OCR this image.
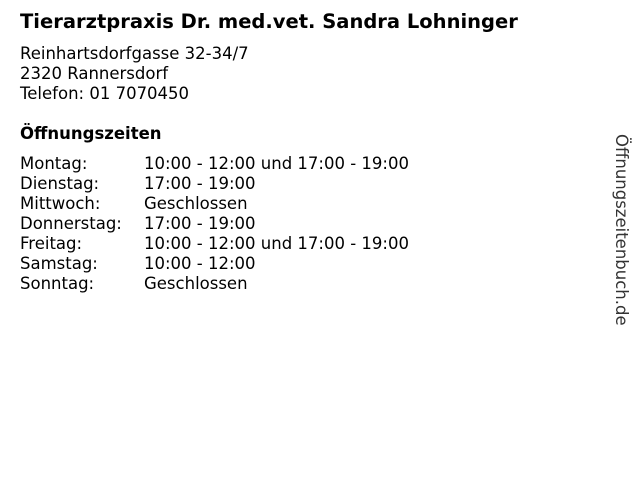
Tierarztpraxis Dr. med.vet. Sandra Lohninger
Reinhartsdorfgasse 32-34/7
2320 Rannersdorf
Telefon: 01 7070450
Öffnungszeiten
Montag:	10:00 - 12:00 und 17:00 - 19:00
Dienstag:	17:00 - 19:00
Mittwoch:	Geschlossen
Donnerstag:	17:00 - 19:00
Freitag:	10:00 - 12:00 und 17:00 - 19:00
Samstag:	10:00 - 12:00
Sonntag:	Geschlossen	Öffnungszeitenbuch.de
